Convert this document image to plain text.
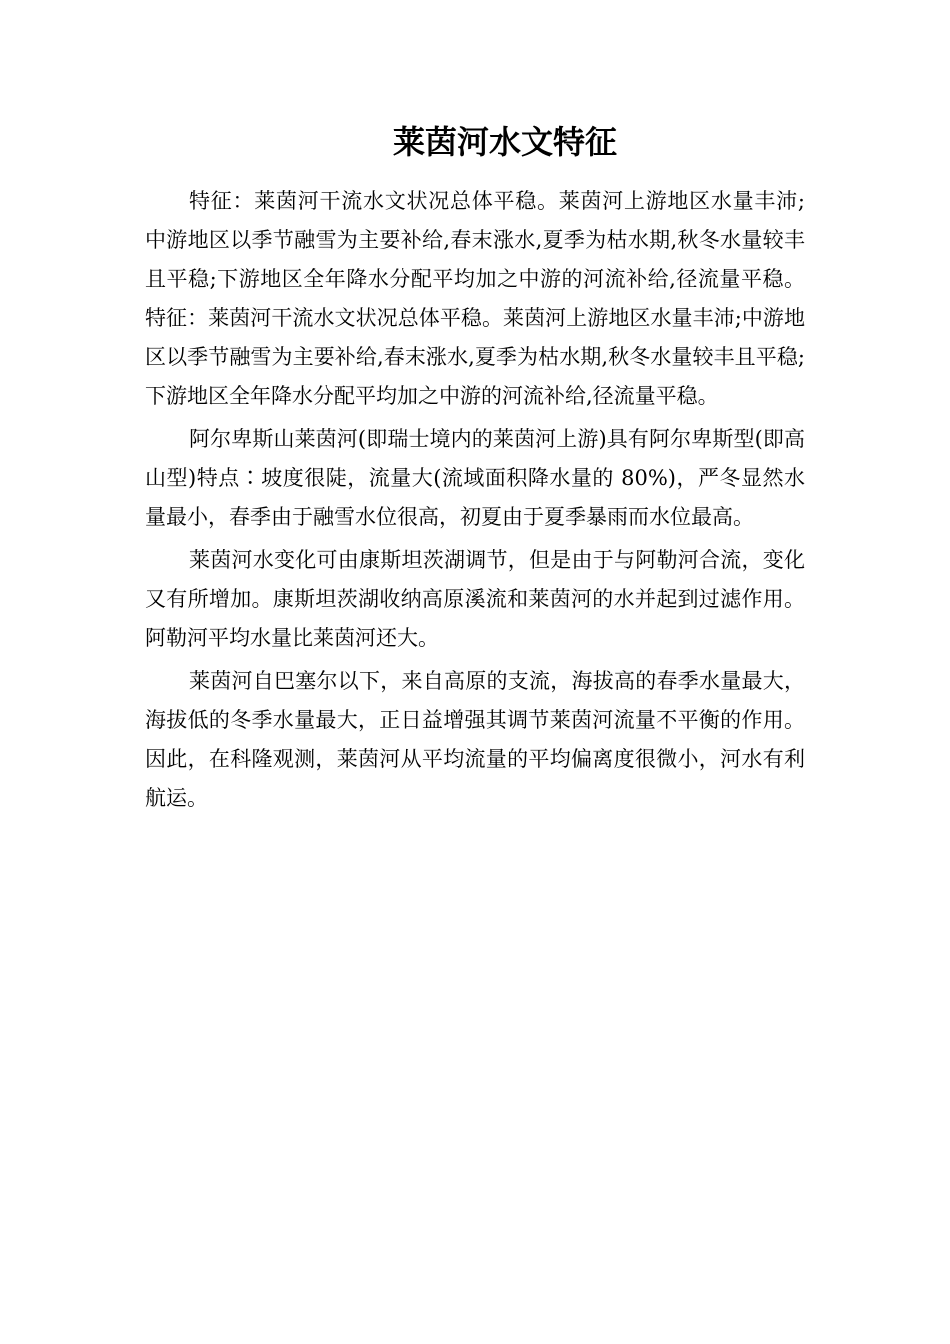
莱茵河水文特征

特征：莱茵河干流水文状况总体平稳。莱茵河上游地区水量丰沛;中游地区以季节融雪为主要补给,春末涨水,夏季为枯水期,秋冬水量较丰且平稳;下游地区全年降水分配平均加之中游的河流补给,径流量平稳。特征：莱茵河干流水文状况总体平稳。莱茵河上游地区水量丰沛;中游地区以季节融雪为主要补给,春末涨水,夏季为枯水期,秋冬水量较丰且平稳;下游地区全年降水分配平均加之中游的河流补给,径流量平稳。

阿尔卑斯山莱茵河(即瑞士境内的莱茵河上游)具有阿尔卑斯型(即高山型)特点∶坡度很陡，流量大(流域面积降水量的 80%)，严冬显然水量最小，春季由于融雪水位很高，初夏由于夏季暴雨而水位最高。

莱茵河水变化可由康斯坦茨湖调节，但是由于与阿勒河合流，变化又有所增加。康斯坦茨湖收纳高原溪流和莱茵河的水并起到过滤作用。阿勒河平均水量比莱茵河还大。

莱茵河自巴塞尔以下，来自高原的支流，海拔高的春季水量最大，海拔低的冬季水量最大，正日益增强其调节莱茵河流量不平衡的作用。因此，在科隆观测，莱茵河从平均流量的平均偏离度很微小，河水有利航运。
